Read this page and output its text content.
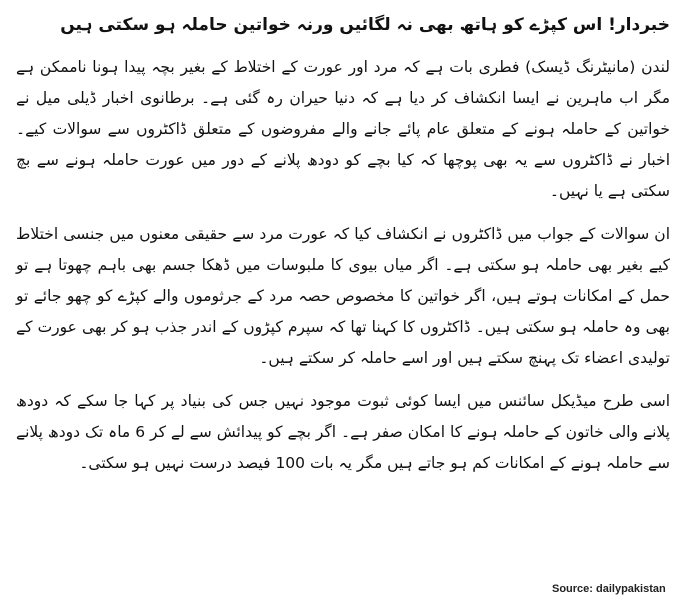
خبردار! اس کپڑے کو ہاتھ بھی نہ لگائیں ورنہ خواتین حاملہ ہو سکتی ہیں

لندن (مانیٹرنگ ڈیسک) فطری بات ہے کہ مرد اور عورت کے اختلاط کے بغیر بچہ پیدا ہونا ناممکن ہے مگر اب ماہرین نے ایسا انکشاف کر دیا ہے کہ دنیا حیران رہ گئی ہے۔ برطانوی اخبار ڈیلی میل نے خواتین کے حاملہ ہونے کے متعلق عام پائے جانے والے مفروضوں کے متعلق ڈاکٹروں سے سوالات کیے۔ اخبار نے ڈاکٹروں سے یہ بھی پوچھا کہ کیا بچے کو دودھ پلانے کے دور میں عورت حاملہ ہونے سے بچ سکتی ہے یا نہیں۔

ان سوالات کے جواب میں ڈاکٹروں نے انکشاف کیا کہ عورت مرد سے حقیقی معنوں میں جنسی اختلاط کیے بغیر بھی حاملہ ہو سکتی ہے۔ اگر میاں بیوی کا ملبوسات میں ڈھکا جسم بھی باہم چھوتا ہے تو حمل کے امکانات ہوتے ہیں، اگر خواتین کا مخصوص حصہ مرد کے جرثوموں والے کپڑے کو چھو جائے تو بھی وہ حاملہ ہو سکتی ہیں۔ ڈاکٹروں کا کہنا تھا کہ سپرم کپڑوں کے اندر جذب ہو کر بھی عورت کے تولیدی اعضاء تک پہنچ سکتے ہیں اور اسے حاملہ کر سکتے ہیں۔

اسی طرح میڈیکل سائنس میں ایسا کوئی ثبوت موجود نہیں جس کی بنیاد پر کہا جا سکے کہ دودھ پلانے والی خاتون کے حاملہ ہونے کا امکان صفر ہے۔ اگر بچے کو پیدائش سے لے کر 6 ماہ تک دودھ پلانے سے حاملہ ہونے کے امکانات کم ہو جاتے ہیں مگر یہ بات 100 فیصد درست نہیں ہو سکتی۔

Source: dailypakistan
